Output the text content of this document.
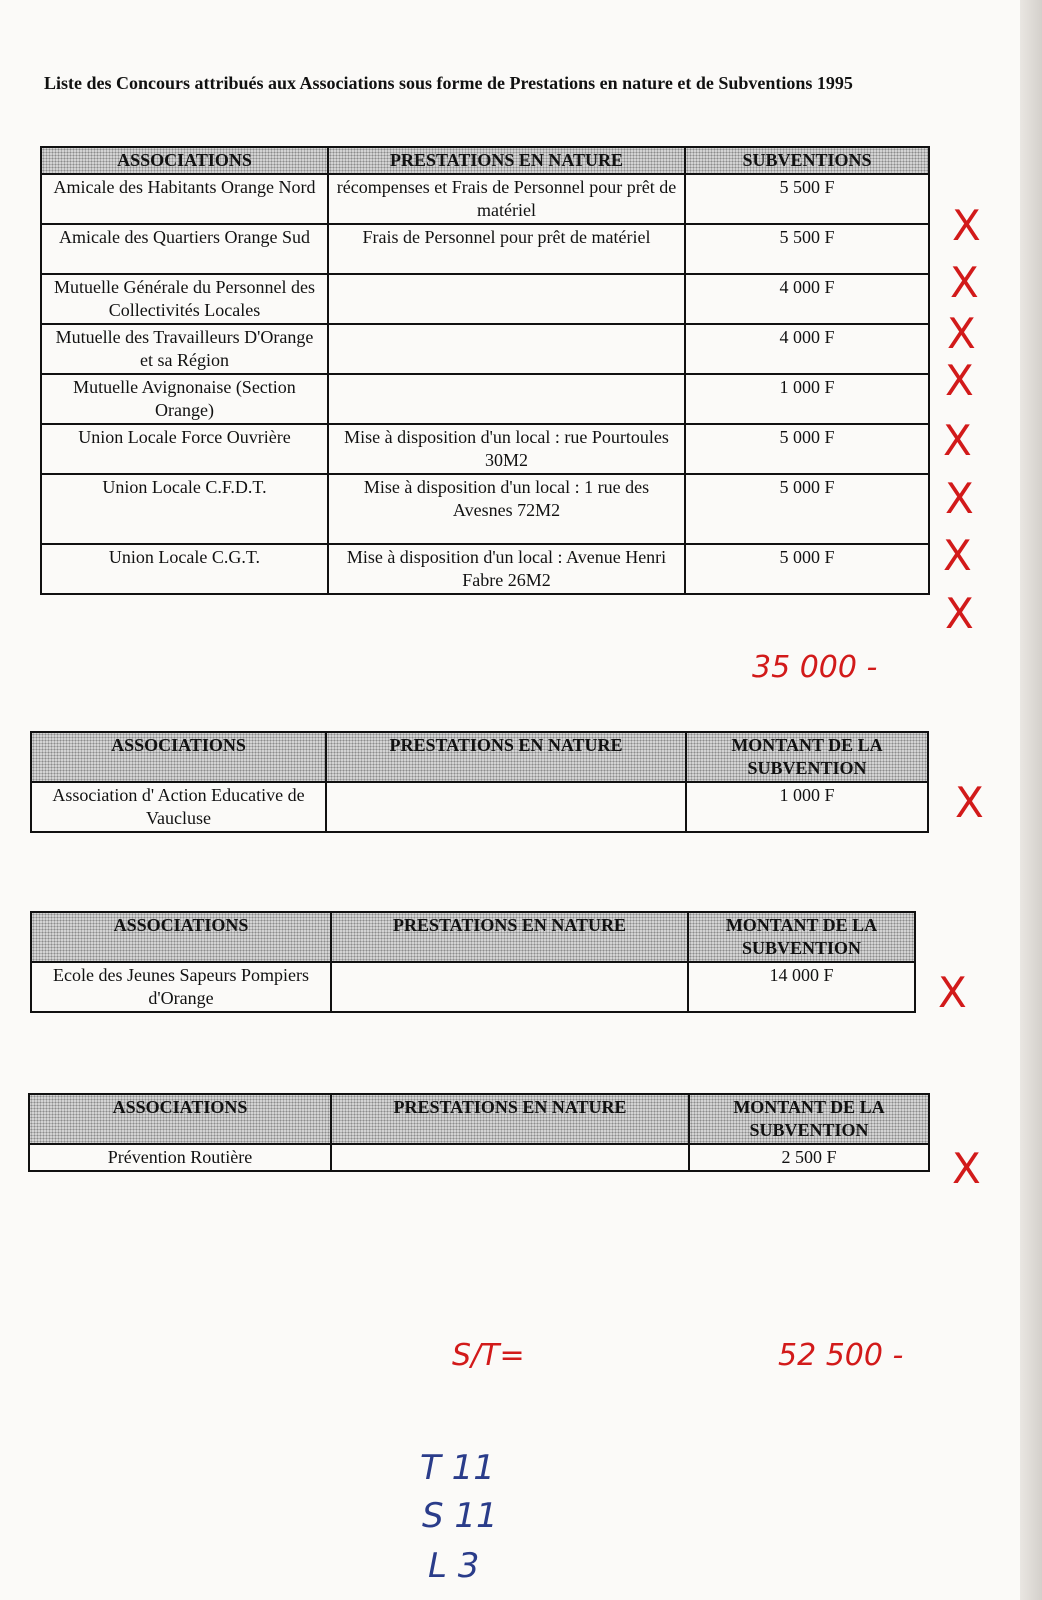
Liste des Concours attribués aux Associations sous forme de Prestations en nature et de Subventions 1995
ASSOCIATIONS	PRESTATIONS EN NATURE	SUBVENTIONS
Amicale des Habitants Orange Nord	récompenses et Frais de Personnel pour prêt de matériel	5 500 F
Amicale des Quartiers Orange Sud	Frais de Personnel pour prêt de matériel	5 500 F
Mutuelle Générale du Personnel des Collectivités Locales		4 000 F
Mutuelle des Travailleurs D'Orange et sa Région		4 000 F
Mutuelle Avignonaise (Section Orange)		1 000 F
Union Locale Force Ouvrière	Mise à disposition d'un local : rue Pourtoules 30M2	5 000 F
Union Locale C.F.D.T.	Mise à disposition d'un local : 1 rue des Avesnes 72M2	5 000 F
Union Locale C.G.T.	Mise à disposition d'un local : Avenue Henri Fabre 26M2	5 000 F
ASSOCIATIONS	PRESTATIONS EN NATURE	MONTANT DE LA SUBVENTION
Association d' Action Educative de Vaucluse		1 000 F
ASSOCIATIONS	PRESTATIONS EN NATURE	MONTANT DE LA SUBVENTION
Ecole des Jeunes Sapeurs Pompiers d'Orange		14 000 F
ASSOCIATIONS	PRESTATIONS EN NATURE	MONTANT DE LA SUBVENTION
Prévention Routière		2 500 F
X
X
X
X
X
X
X
X
X
X
X
35 000 -
S/T=	52 500 -
T 11
S 11
L 3
